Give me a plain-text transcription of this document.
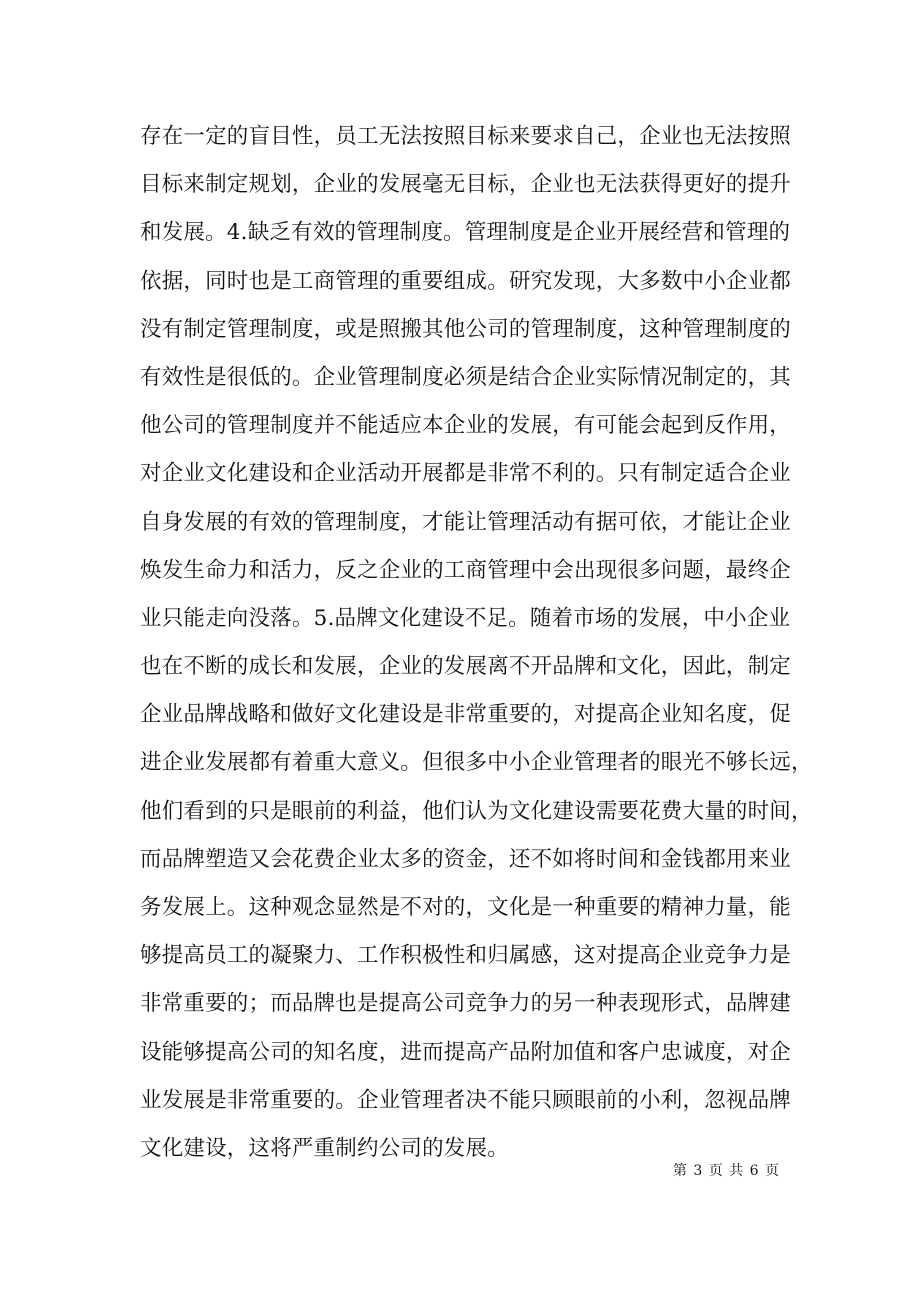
存在一定的盲目性，员工无法按照目标来要求自己，企业也无法按照
目标来制定规划，企业的发展毫无目标，企业也无法获得更好的提升
和发展。4.缺乏有效的管理制度。管理制度是企业开展经营和管理的
依据，同时也是工商管理的重要组成。研究发现，大多数中小企业都
没有制定管理制度，或是照搬其他公司的管理制度，这种管理制度的
有效性是很低的。企业管理制度必须是结合企业实际情况制定的，其
他公司的管理制度并不能适应本企业的发展，有可能会起到反作用，
对企业文化建设和企业活动开展都是非常不利的。只有制定适合企业
自身发展的有效的管理制度，才能让管理活动有据可依，才能让企业
焕发生命力和活力，反之企业的工商管理中会出现很多问题，最终企
业只能走向没落。5.品牌文化建设不足。随着市场的发展，中小企业
也在不断的成长和发展，企业的发展离不开品牌和文化，因此，制定
企业品牌战略和做好文化建设是非常重要的，对提高企业知名度，促
进企业发展都有着重大意义。但很多中小企业管理者的眼光不够长远，
他们看到的只是眼前的利益，他们认为文化建设需要花费大量的时间，
而品牌塑造又会花费企业太多的资金，还不如将时间和金钱都用来业
务发展上。这种观念显然是不对的，文化是一种重要的精神力量，能
够提高员工的凝聚力、工作积极性和归属感，这对提高企业竞争力是
非常重要的；而品牌也是提高公司竞争力的另一种表现形式，品牌建
设能够提高公司的知名度，进而提高产品附加值和客户忠诚度，对企
业发展是非常重要的。企业管理者决不能只顾眼前的小利，忽视品牌
文化建设，这将严重制约公司的发展。
第 3 页 共 6 页
